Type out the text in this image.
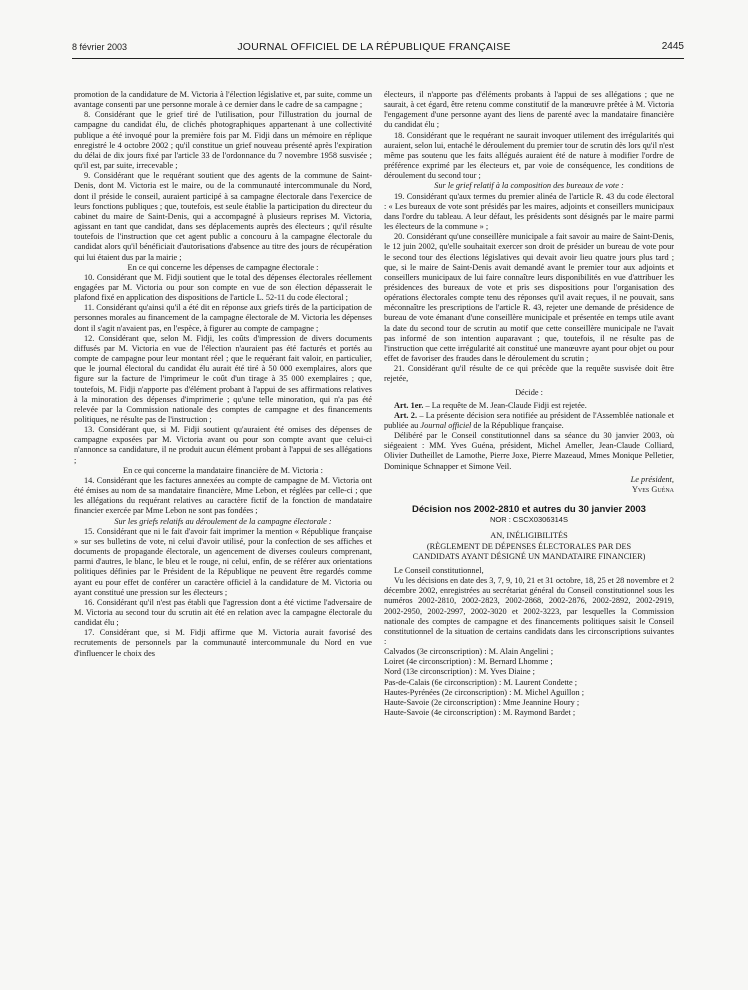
8 février 2003	JOURNAL OFFICIEL DE LA RÉPUBLIQUE FRANÇAISE	2445

promotion de la candidature de M. Victoria à l'élection législative et, par suite, comme un avantage consenti par une personne morale à ce dernier dans le cadre de sa campagne ;

8. Considérant que le grief tiré de l'utilisation, pour l'illustration du journal de campagne du candidat élu, de clichés photographiques appartenant à une collectivité publique a été invoqué pour la première fois par M. Fidji dans un mémoire en réplique enregistré le 4 octobre 2002 ; qu'il constitue un grief nouveau présenté après l'expiration du délai de dix jours fixé par l'article 33 de l'ordonnance du 7 novembre 1958 susvisée ; qu'il est, par suite, irrecevable ;

9. Considérant que le requérant soutient que des agents de la commune de Saint-Denis, dont M. Victoria est le maire, ou de la communauté intercommunale du Nord, dont il préside le conseil, auraient participé à sa campagne électorale dans l'exercice de leurs fonctions publiques ; que, toutefois, est seule établie la participation du directeur du cabinet du maire de Saint-Denis, qui a accompagné à plusieurs reprises M. Victoria, agissant en tant que candidat, dans ses déplacements auprès des électeurs ; qu'il résulte toutefois de l'instruction que cet agent public a concouru à la campagne électorale du candidat alors qu'il bénéficiait d'autorisations d'absence au titre des jours de récupération qui lui étaient dus par la mairie ;

En ce qui concerne les dépenses de campagne électorale :

10. Considérant que M. Fidji soutient que le total des dépenses électorales réellement engagées par M. Victoria ou pour son compte en vue de son élection dépasserait le plafond fixé en application des dispositions de l'article L. 52-11 du code électoral ;

11. Considérant qu'ainsi qu'il a été dit en réponse aux griefs tirés de la participation de personnes morales au financement de la campagne électorale de M. Victoria les dépenses dont il s'agit n'avaient pas, en l'espèce, à figurer au compte de campagne ;

12. Considérant que, selon M. Fidji, les coûts d'impression de divers documents diffusés par M. Victoria en vue de l'élection n'auraient pas été facturés et portés au compte de campagne pour leur montant réel ; que le requérant fait valoir, en particulier, que le journal électoral du candidat élu aurait été tiré à 50 000 exemplaires, alors que figure sur la facture de l'imprimeur le coût d'un tirage à 35 000 exemplaires ; que, toutefois, M. Fidji n'apporte pas d'élément probant à l'appui de ses affirmations relatives à la minoration des dépenses d'imprimerie ; qu'une telle minoration, qui n'a pas été relevée par la Commission nationale des comptes de campagne et des financements politiques, ne résulte pas de l'instruction ;

13. Considérant que, si M. Fidji soutient qu'auraient été omises des dépenses de campagne exposées par M. Victoria avant ou pour son compte avant que celui-ci n'annonce sa candidature, il ne produit aucun élément probant à l'appui de ses allégations ;

En ce qui concerne la mandataire financière de M. Victoria :

14. Considérant que les factures annexées au compte de campagne de M. Victoria ont été émises au nom de sa mandataire financière, Mme Lebon, et réglées par celle-ci ; que les allégations du requérant relatives au caractère fictif de la fonction de mandataire financier exercée par Mme Lebon ne sont pas fondées ;

Sur les griefs relatifs au déroulement de la campagne électorale :

15. Considérant que ni le fait d'avoir fait imprimer la mention « République française » sur ses bulletins de vote, ni celui d'avoir utilisé, pour la confection de ses affiches et documents de propagande électorale, un agencement de diverses couleurs comprenant, parmi d'autres, le blanc, le bleu et le rouge, ni celui, enfin, de se référer aux orientations politiques définies par le Président de la République ne peuvent être regardés comme ayant eu pour effet de conférer un caractère officiel à la candidature de M. Victoria ou ayant constitué une pression sur les électeurs ;

16. Considérant qu'il n'est pas établi que l'agression dont a été victime l'adversaire de M. Victoria au second tour du scrutin ait été en relation avec la campagne électorale du candidat élu ;

17. Considérant que, si M. Fidji affirme que M. Victoria aurait favorisé des recrutements de personnels par la communauté intercommunale du Nord en vue d'influencer le choix des

électeurs, il n'apporte pas d'éléments probants à l'appui de ses allégations ; que ne saurait, à cet égard, être retenu comme constitutif de la manœuvre prêtée à M. Victoria l'engagement d'une personne ayant des liens de parenté avec la mandataire financière du candidat élu ;

18. Considérant que le requérant ne saurait invoquer utilement des irrégularités qui auraient, selon lui, entaché le déroulement du premier tour de scrutin dès lors qu'il n'est même pas soutenu que les faits allégués auraient été de nature à modifier l'ordre de préférence exprimé par les électeurs et, par voie de conséquence, les conditions de déroulement du second tour ;

Sur le grief relatif à la composition des bureaux de vote :

19. Considérant qu'aux termes du premier alinéa de l'article R. 43 du code électoral : « Les bureaux de vote sont présidés par les maires, adjoints et conseillers municipaux dans l'ordre du tableau. A leur défaut, les présidents sont désignés par le maire parmi les électeurs de la commune » ;

20. Considérant qu'une conseillère municipale a fait savoir au maire de Saint-Denis, le 12 juin 2002, qu'elle souhaitait exercer son droit de présider un bureau de vote pour le second tour des élections législatives qui devait avoir lieu quatre jours plus tard ; que, si le maire de Saint-Denis avait demandé avant le premier tour aux adjoints et conseillers municipaux de lui faire connaître leurs disponibilités en vue d'attribuer les présidences des bureaux de vote et pris ses dispositions pour l'organisation des opérations électorales compte tenu des réponses qu'il avait reçues, il ne pouvait, sans méconnaître les prescriptions de l'article R. 43, rejeter une demande de présidence de bureau de vote émanant d'une conseillère municipale et présentée en temps utile avant la date du second tour de scrutin au motif que cette conseillère municipale ne l'avait pas informé de son intention auparavant ; que, toutefois, il ne résulte pas de l'instruction que cette irrégularité ait constitué une manœuvre ayant pour objet ou pour effet de favoriser des fraudes dans le déroulement du scrutin ;

21. Considérant qu'il résulte de ce qui précède que la requête susvisée doit être rejetée,

Décide :

Art. 1er. – La requête de M. Jean-Claude Fidji est rejetée.

Art. 2. – La présente décision sera notifiée au président de l'Assemblée nationale et publiée au Journal officiel de la République française.

Délibéré par le Conseil constitutionnel dans sa séance du 30 janvier 2003, où siégeaient : MM. Yves Guéna, président, Michel Ameller, Jean-Claude Colliard, Olivier Dutheillet de Lamothe, Pierre Joxe, Pierre Mazeaud, Mmes Monique Pelletier, Dominique Schnapper et Simone Veil.

Le président,

Yves Guéna

Décision nos 2002-2810 et autres du 30 janvier 2003

NOR : CSCX0306314S

AN, INÉLIGIBILITÉS

(RÈGLEMENT DE DÉPENSES ÉLECTORALES PAR DES

CANDIDATS AYANT DÉSIGNÉ UN MANDATAIRE FINANCIER)

Le Conseil constitutionnel,

Vu les décisions en date des 3, 7, 9, 10, 21 et 31 octobre, 18, 25 et 28 novembre et 2 décembre 2002, enregistrées au secrétariat général du Conseil constitutionnel sous les numéros 2002-2810, 2002-2823, 2002-2868, 2002-2876, 2002-2892, 2002-2919, 2002-2950, 2002-2997, 2002-3020 et 2002-3223, par lesquelles la Commission nationale des comptes de campagne et des financements politiques saisit le Conseil constitutionnel de la situation de certains candidats dans les circonscriptions suivantes :

Calvados (3e circonscription) : M. Alain Angelini ;

Loiret (4e circonscription) : M. Bernard Lhomme ;

Nord (13e circonscription) : M. Yves Diaine ;

Pas-de-Calais (6e circonscription) : M. Laurent Condette ;

Hautes-Pyrénées (2e circonscription) : M. Michel Aguillon ;

Haute-Savoie (2e circonscription) : Mme Jeannine Houry ;

Haute-Savoie (4e circonscription) : M. Raymond Bardet ;
